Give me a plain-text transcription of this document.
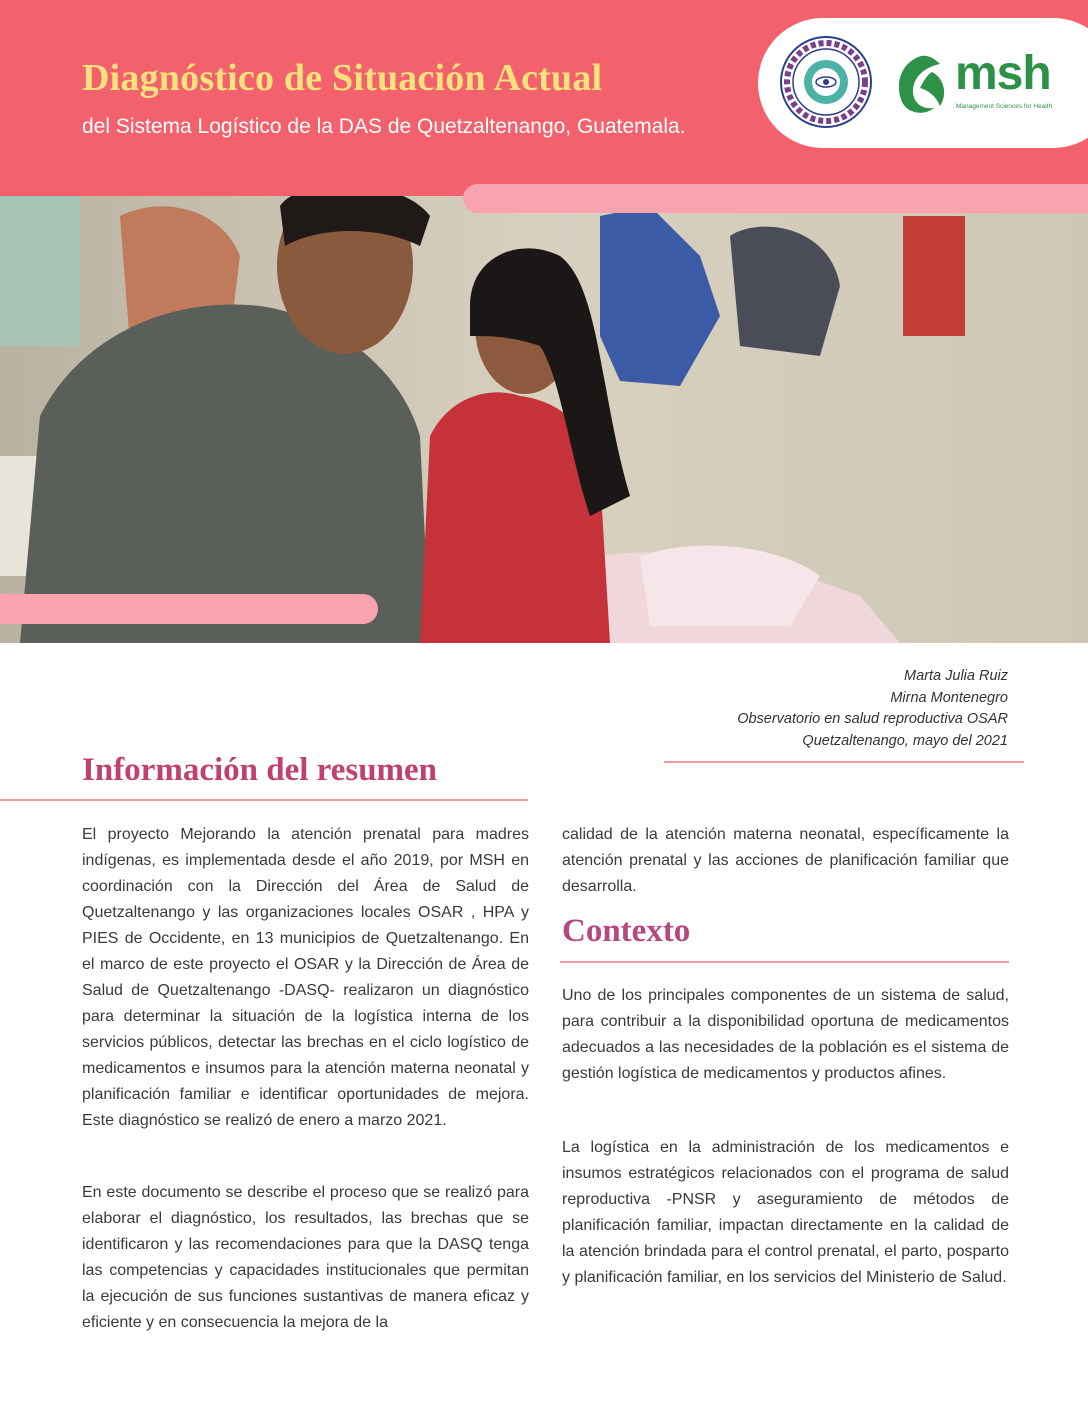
Diagnóstico de Situación Actual

del Sistema Logístico de la DAS de Quetzaltenango, Guatemala.

msh
Management Sciences for Health
Marta Julia Ruiz
Mirna Montenegro
Observatorio en salud reproductiva OSAR
Quetzaltenango, mayo del 2021
Información del resumen

El proyecto Mejorando la atención prenatal para madres indígenas, es implementada desde el año 2019, por MSH en coordinación con la Dirección del Área de Salud de Quetzaltenango y las organizaciones locales OSAR , HPA y PIES de Occidente, en 13 municipios de Quetzaltenango. En el marco de este proyecto el OSAR y la Dirección de Área de Salud de Quetzaltenango -DASQ- realizaron un diagnóstico para determinar la situación de la logística interna de los servicios públicos, detectar las brechas en el ciclo logístico de medicamentos e insumos para la atención materna neonatal y planificación familiar e identificar oportunidades de mejora. Este diagnóstico se realizó de enero a marzo 2021.

En este documento se describe el proceso que se realizó para elaborar el diagnóstico, los resultados, las brechas que se identificaron y las recomendaciones para que la DASQ tenga las competencias y capacidades institucionales que permitan la ejecución de sus funciones sustantivas de manera eficaz y eficiente y en consecuencia la mejora de la

calidad de la atención materna neonatal, específicamente la atención prenatal y las acciones de planificación familiar que desarrolla.

Contexto

Uno de los principales componentes de un sistema de salud, para contribuir a la disponibilidad oportuna de medicamentos adecuados a las necesidades de la población es el sistema de gestión logística de medicamentos y productos afines.

La logística en la administración de los medicamentos e insumos estratégicos relacionados con el programa de salud reproductiva -PNSR y aseguramiento de métodos de planificación familiar, impactan directamente en la calidad de la atención brindada para el control prenatal, el parto, posparto y planificación familiar, en los servicios del Ministerio de Salud.
